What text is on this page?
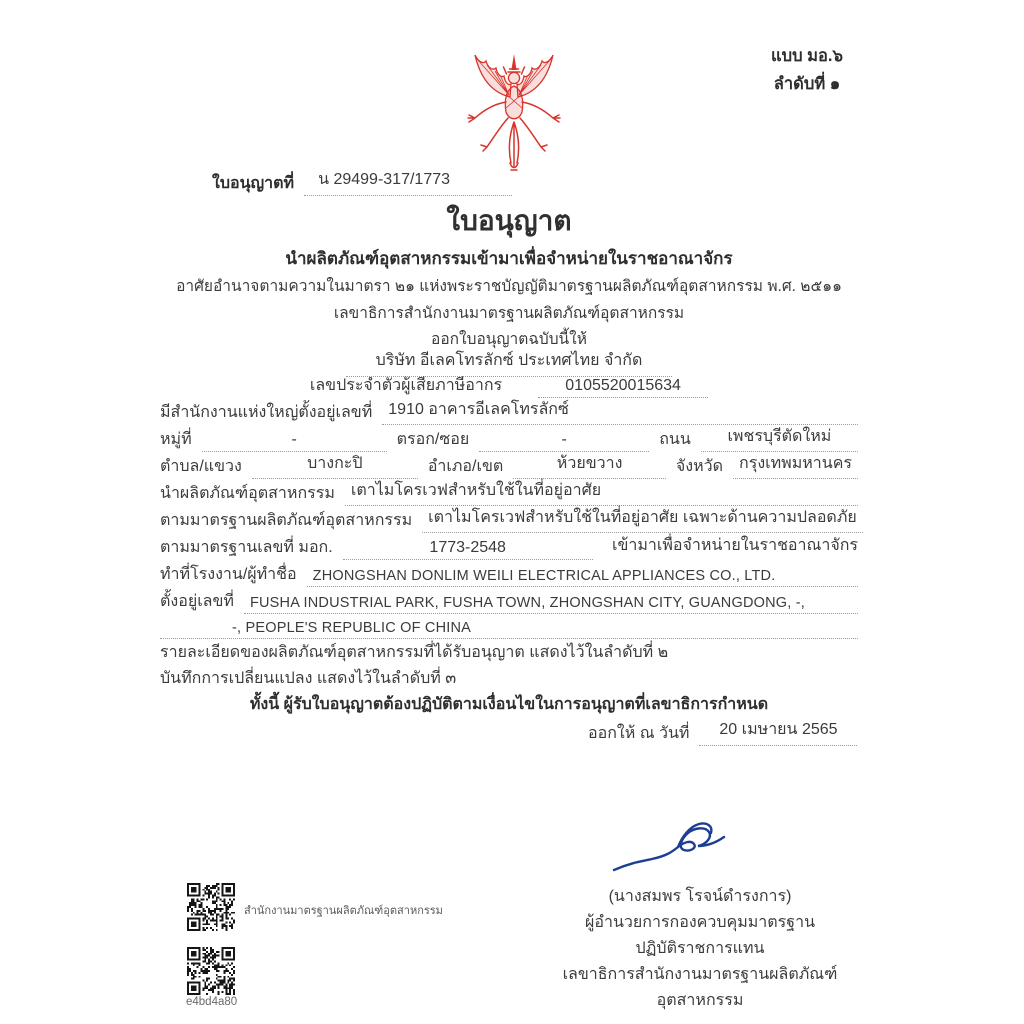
แบบ มอ.๖
ลำดับที่ ๑
ใบอนุญาตที่	น 29499-317/1773
ใบอนุญาต
นำผลิตภัณฑ์อุตสาหกรรมเข้ามาเพื่อจำหน่ายในราชอาณาจักร
อาศัยอำนาจตามความในมาตรา ๒๑ แห่งพระราชบัญญัติมาตรฐานผลิตภัณฑ์อุตสาหกรรม พ.ศ. ๒๕๑๑
เลขาธิการสำนักงานมาตรฐานผลิตภัณฑ์อุตสาหกรรม
ออกใบอนุญาตฉบับนี้ให้
บริษัท อีเลคโทรลักซ์ ประเทศไทย จำกัด
เลขประจำตัวผู้เสียภาษีอากร	0105520015634
มีสำนักงานแห่งใหญ่ตั้งอยู่เลขที่	1910 อาคารอีเลคโทรลักซ์
หมู่ที่	-	ตรอก/ซอย	-	ถนน	เพชรบุรีตัดใหม่
ตำบล/แขวง	บางกะปิ	อำเภอ/เขต	ห้วยขวาง	จังหวัด	กรุงเทพมหานคร
นำผลิตภัณฑ์อุตสาหกรรม	เตาไมโครเวฟสำหรับใช้ในที่อยู่อาศัย
ตามมาตรฐานผลิตภัณฑ์อุตสาหกรรม	เตาไมโครเวฟสำหรับใช้ในที่อยู่อาศัย เฉพาะด้านความปลอดภัย
ตามมาตรฐานเลขที่ มอก.	1773-2548	เข้ามาเพื่อจำหน่ายในราชอาณาจักร
ทำที่โรงงาน/ผู้ทำชื่อ	ZHONGSHAN DONLIM WEILI ELECTRICAL APPLIANCES CO., LTD.
ตั้งอยู่เลขที่	FUSHA INDUSTRIAL PARK, FUSHA TOWN, ZHONGSHAN CITY, GUANGDONG, -,
-, PEOPLE'S REPUBLIC OF CHINA
รายละเอียดของผลิตภัณฑ์อุตสาหกรรมที่ได้รับอนุญาต แสดงไว้ในลำดับที่ ๒
บันทึกการเปลี่ยนแปลง แสดงไว้ในลำดับที่ ๓
ทั้งนี้ ผู้รับใบอนุญาตต้องปฏิบัติตามเงื่อนไขในการอนุญาตที่เลขาธิการกำหนด
ออกให้ ณ วันที่	20 เมษายน 2565
(นางสมพร โรจน์ดำรงการ)
ผู้อำนวยการกองควบคุมมาตรฐาน
ปฏิบัติราชการแทน
เลขาธิการสำนักงานมาตรฐานผลิตภัณฑ์อุตสาหกรรม
สำนักงานมาตรฐานผลิตภัณฑ์อุตสาหกรรม
e4bd4a80
